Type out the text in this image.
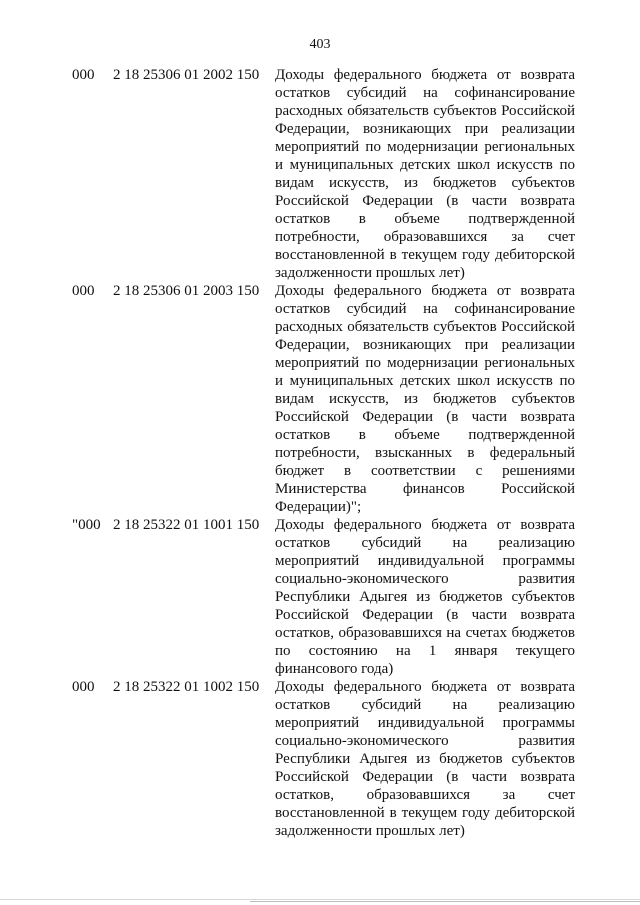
403
000 2 18 25306 01 2002 150 Доходы федерального бюджета от возврата остатков субсидий на софинансирование расходных обязательств субъектов Российской Федерации, возникающих при реализации мероприятий по модернизации региональных и муниципальных детских школ искусств по видам искусств, из бюджетов субъектов Российской Федерации (в части возврата остатков в объеме подтвержденной потребности, образовавшихся за счет восстановленной в текущем году дебиторской задолженности прошлых лет)
000 2 18 25306 01 2003 150 Доходы федерального бюджета от возврата остатков субсидий на софинансирование расходных обязательств субъектов Российской Федерации, возникающих при реализации мероприятий по модернизации региональных и муниципальных детских школ искусств по видам искусств, из бюджетов субъектов Российской Федерации (в части возврата остатков в объеме подтвержденной потребности, взысканных в федеральный бюджет в соответствии с решениями Министерства финансов Российской Федерации)";
"000 2 18 25322 01 1001 150 Доходы федерального бюджета от возврата остатков субсидий на реализацию мероприятий индивидуальной программы социально-экономического развития Республики Адыгея из бюджетов субъектов Российской Федерации (в части возврата остатков, образовавшихся на счетах бюджетов по состоянию на 1 января текущего финансового года)
000 2 18 25322 01 1002 150 Доходы федерального бюджета от возврата остатков субсидий на реализацию мероприятий индивидуальной программы социально-экономического развития Республики Адыгея из бюджетов субъектов Российской Федерации (в части возврата остатков, образовавшихся за счет восстановленной в текущем году дебиторской задолженности прошлых лет)
